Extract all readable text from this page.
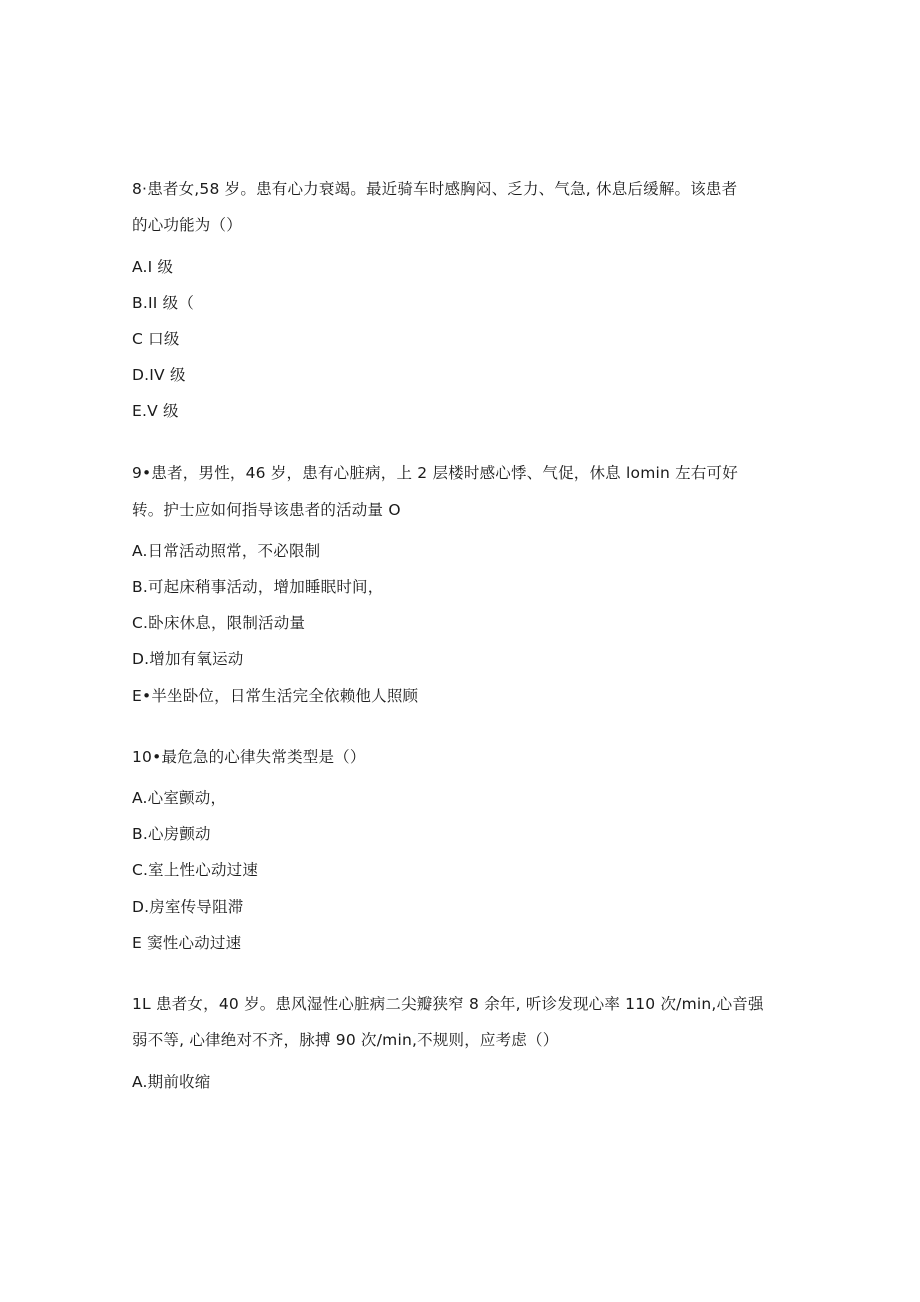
8·患者女,58 岁。患有心力衰竭。最近骑车时感胸闷、乏力、气急, 休息后缓解。该患者
的心功能为（）
A.I 级
B.II 级（
C 口级
D.IV 级
E.V 级
9•患者，男性，46 岁，患有心脏病，上 2 层楼时感心悸、气促，休息 lomin 左右可好
转。护士应如何指导该患者的活动量 O
A.日常活动照常，不必限制
B.可起床稍事活动，增加睡眠时间，
C.卧床休息，限制活动量
D.增加有氧运动
E•半坐卧位，日常生活完全依赖他人照顾
10•最危急的心律失常类型是（）
A.心室颤动，
B.心房颤动
C.室上性心动过速
D.房室传导阻滞
E 窦性心动过速
1L 患者女，40 岁。患风湿性心脏病二尖瓣狭窄 8 余年, 听诊发现心率 110 次/min,心音强
弱不等, 心律绝对不齐，脉搏 90 次/min,不规则，应考虑（）
A.期前收缩
